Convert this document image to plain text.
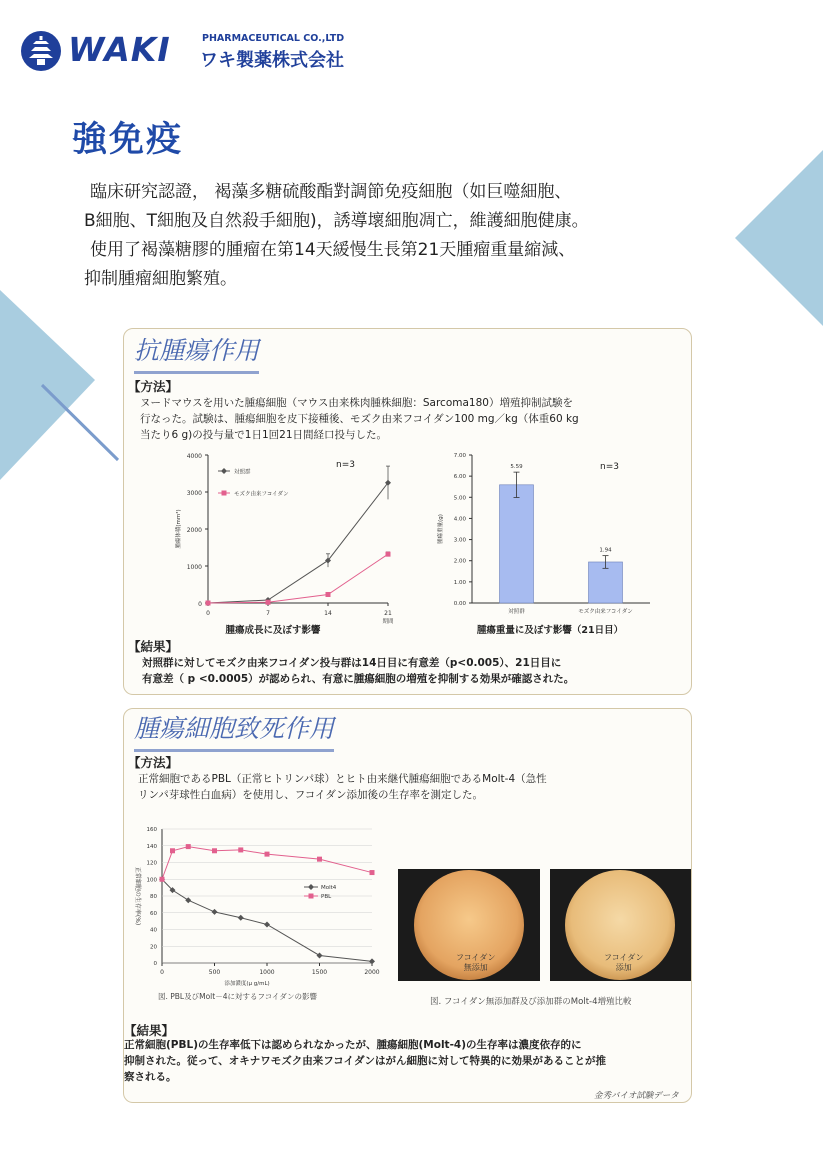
WAKI	PHARMACEUTICAL CO.,LTD
ワキ製薬株式会社
強免疫

臨床研究認證， 褐藻多糖硫酸酯對調節免疫細胞（如巨噬細胞、

B細胞、T細胞及自然殺手細胞)，誘導壞細胞凋亡，維護細胞健康。

使用了褐藻糖膠的腫瘤在第14天緩慢生長第21天腫瘤重量縮減、

抑制腫瘤細胞繁殖。

抗腫瘍作用
【方法】
ヌードマウスを用いた腫瘍細胞（マウス由来株肉腫株細胞：Sarcoma180）増殖抑制試験を
行なった。試験は、腫瘍細胞を皮下接種後、モズク由来フコイダン100 mg／kg（体重60 kg
当たり6 g)の投与量で1日1回21日間経口投与した。
0
1000
2000
3000
4000
0	7	14	21
期間
腫瘍体積(mm³)
n=3
対照群
モズク由来フコイダン
腫瘍成長に及ぼす影響
0.00
1.00
2.00
3.00
4.00
5.00
6.00
7.00
腫瘍重量(g)
n=3
5.59
対照群
1.94
モズク由来フコイダン
腫瘍重量に及ぼす影響（21日目）
【結果】
対照群に対してモズク由来フコイダン投与群は14日目に有意差（p<0.005）、21日目に
有意差（ p <0.0005）が認められ、有意に腫瘍細胞の増殖を抑制する効果が確認された。
腫瘍細胞致死作用
【方法】
正常細胞であるPBL（正常ヒトリンパ球）とヒト由来継代腫瘍細胞であるMolt-4（急性
リンパ芽球性白血病）を使用し、フコイダン添加後の生存率を測定した。
0
20
40
60
80
100
120
140
160
0	500	1000	1500	2000
添加濃度(μ g/mL)
正常細胞の生存率(%)	Molt4
PBL
図. PBL及びMolt－4に対するフコイダンの影響
フコイダン
無添加
フコイダン
添加
図. フコイダン無添加群及び添加群のMolt-4増殖比較
【結果】
正常細胞(PBL)の生存率低下は認められなかったが、腫瘍細胞(Molt-4)の生存率は濃度依存的に
抑制された。従って、オキナワモズク由来フコイダンはがん細胞に対して特異的に効果があることが推
察される。
金秀バイオ試験データ
